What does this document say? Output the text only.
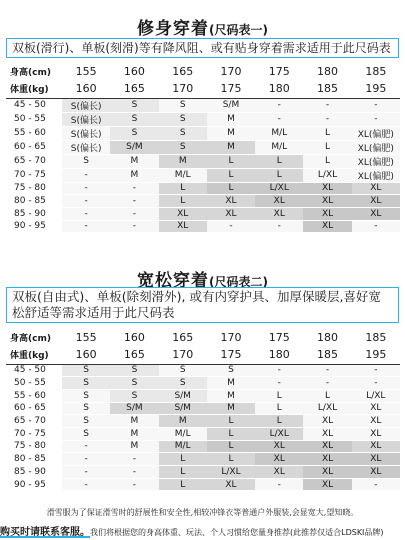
修身穿着(尺码表一)
双板(滑行)、单板(刻滑)等有降风阻、或有贴身穿着需求适用于此尺码表
身高(cm)	155	160	165	170	175	180	185
体重(kg)	160	165	170	175	180	185	195
45 - 50	S(偏长)	S	S	S/M	-	-	-
50 - 55	S(偏长)	S	S	M	-	-	-
55 - 60	S(偏长)	S	S	M	M/L	L	XL(偏肥)
60 - 65	S(偏长)	S/M	S	M	M/L	L	XL(偏肥)
65 - 70	S	M	M	L	L	L	XL(偏肥)
70 - 75	-	M	M/L	L	L	L/XL	XL(偏肥)
75 - 80	-	-	L	L	L/XL	XL	XL
80 - 85	-	-	L	XL	XL	XL	XL
85 - 90	-	-	XL	XL	XL	XL	XL
90 - 95	-	-	XL	-	-	XL	-
宽松穿着(尺码表二)
双板(自由式)、单板(除刻滑外), 或有内穿护具、加厚保暖层,喜好宽松舒适等需求适用于此尺码表
身高(cm)	155	160	165	170	175	180	185
体重(kg)	160	165	170	175	180	185	195
45 - 50	S	S	S	S	-	-	-
50 - 55	S	S	S	M	-	-	-
55 - 60	S	S	S/M	M	L	L	L/XL
60 - 65	S	S/M	S/M	M	L	L/XL	XL
65 - 70	S	M	M	L	L	XL	XL
70 - 75	S	M	M/L	L	L/XL	XL	XL
75 - 80	-	M	M/L	L	XL	XL	XL
80 - 85	-	-	L	L	XL	XL	XL
85 - 90	-	-	L	L/XL	XL	XL	XL
90 - 95	-	-	L	XL	-	XL	-
滑雪服为了保证滑雪时的舒展性和安全性,相较冲锋衣等普通户外服装,会显宽大,望知晓。
购买时请联系客服。我们将根据您的身高体重、玩法、个人习惯给您量身推荐(此推荐仅适合LDSKI品牌)
